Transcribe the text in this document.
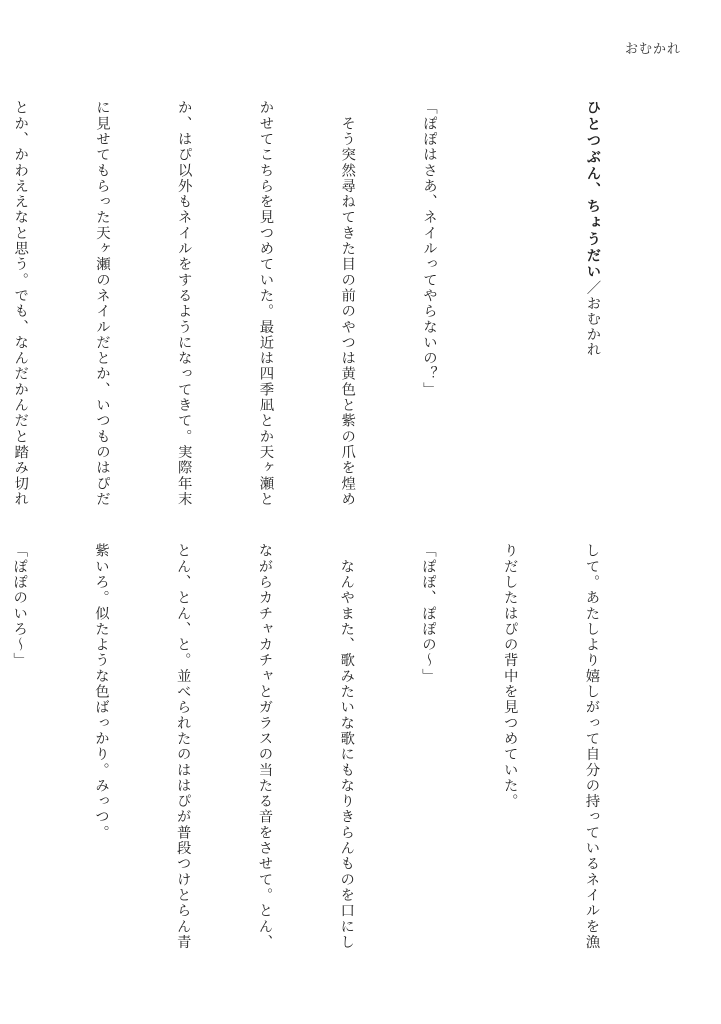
おむかれ

ひとつぶん、ちょうだい／おむかれ

「ぽぽはさあ、ネイルってやらないの？」

　そう突然尋ねてきた目の前のやつは黄色と紫の爪を煌め

かせてこちらを見つめていた。最近は四季凪とか天ヶ瀬と

か、はぴ以外もネイルをするようになってきて。実際年末

に見せてもらった天ヶ瀬のネイルだとか、いつものはぴだ

とか、かわええなと思う。でも、なんだかんだと踏み切れ

して。あたしより嬉しがって自分の持っているネイルを漁

りだしたはぴの背中を見つめていた。

「ぽぽ、ぽぽの～」

　なんやまた、歌みたいな歌にもなりきらんものを口にし

ながらカチャカチャとガラスの当たる音をさせて。とん、

とん、とん、と。並べられたのははぴが普段つけとらん青

紫いろ。似たような色ばっかり。みっつ。

「ぽぽのいろ～」
